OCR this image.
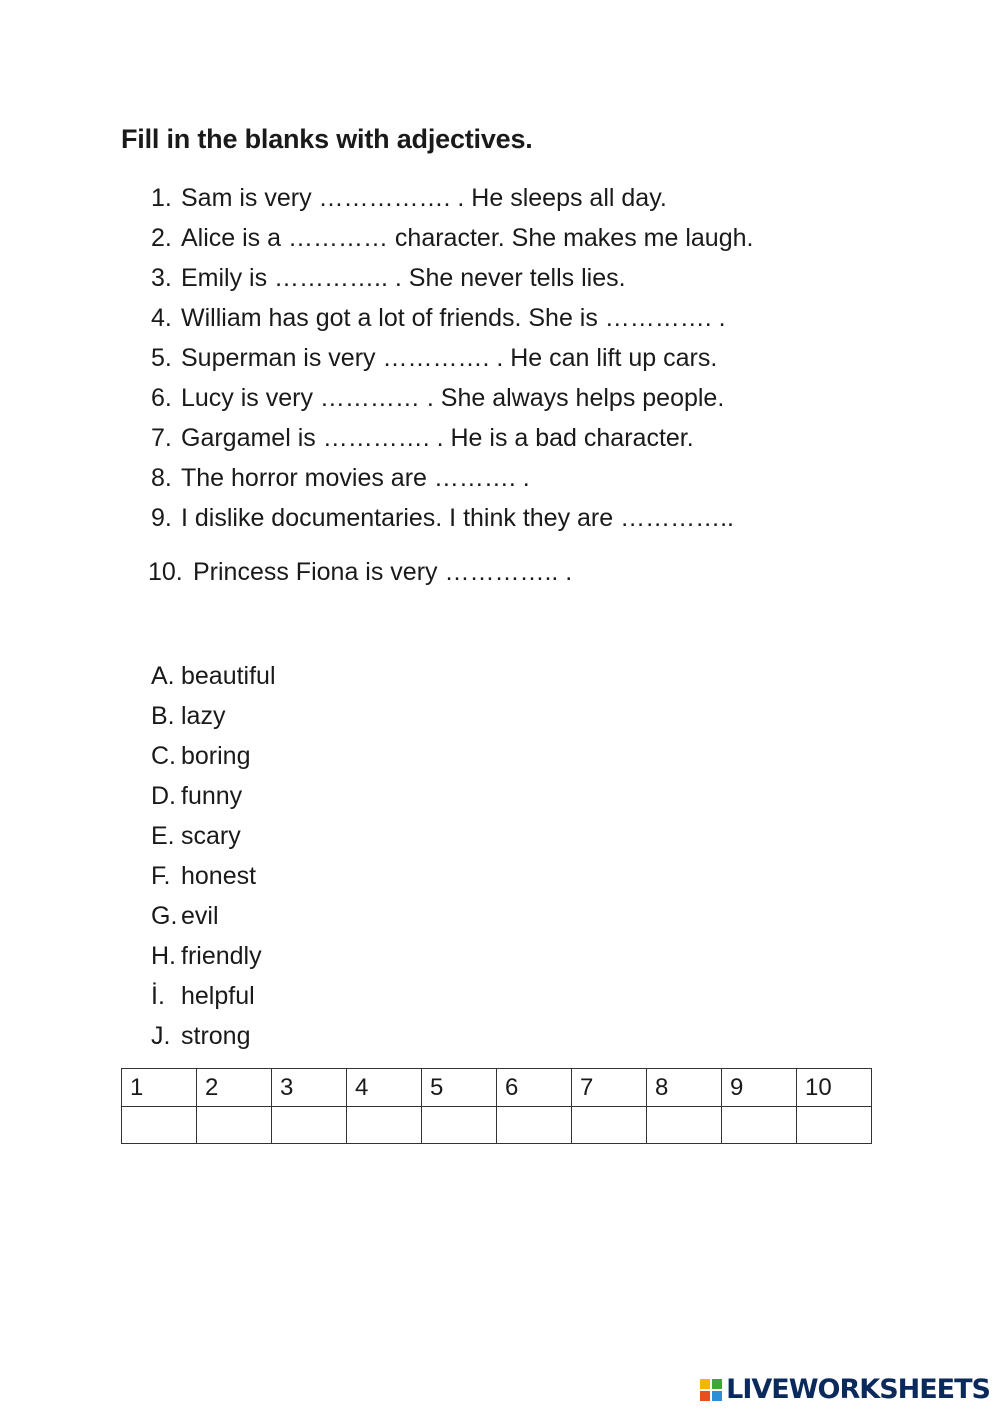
Fill in the blanks with adjectives.
1. Sam is very ……………. . He sleeps all day.
2. Alice is a ………… character. She makes me laugh.
3. Emily is ………….. . She never tells lies.
4. William has got a lot of friends. She is …………. .
5. Superman is very …………. . He can lift up cars.
6. Lucy is very ………… . She always helps people.
7. Gargamel is …………. . He is a bad character.
8. The horror movies are ………. .
9. I dislike documentaries. I think they are …………..
10. Princess Fiona is very ………….. .
A. beautiful
B. lazy
C. boring
D. funny
E. scary
F. honest
G. evil
H. friendly
İ. helpful
J. strong
1	2	3	4	5	6	7	8	9	10

LIVEWORKSHEETS
